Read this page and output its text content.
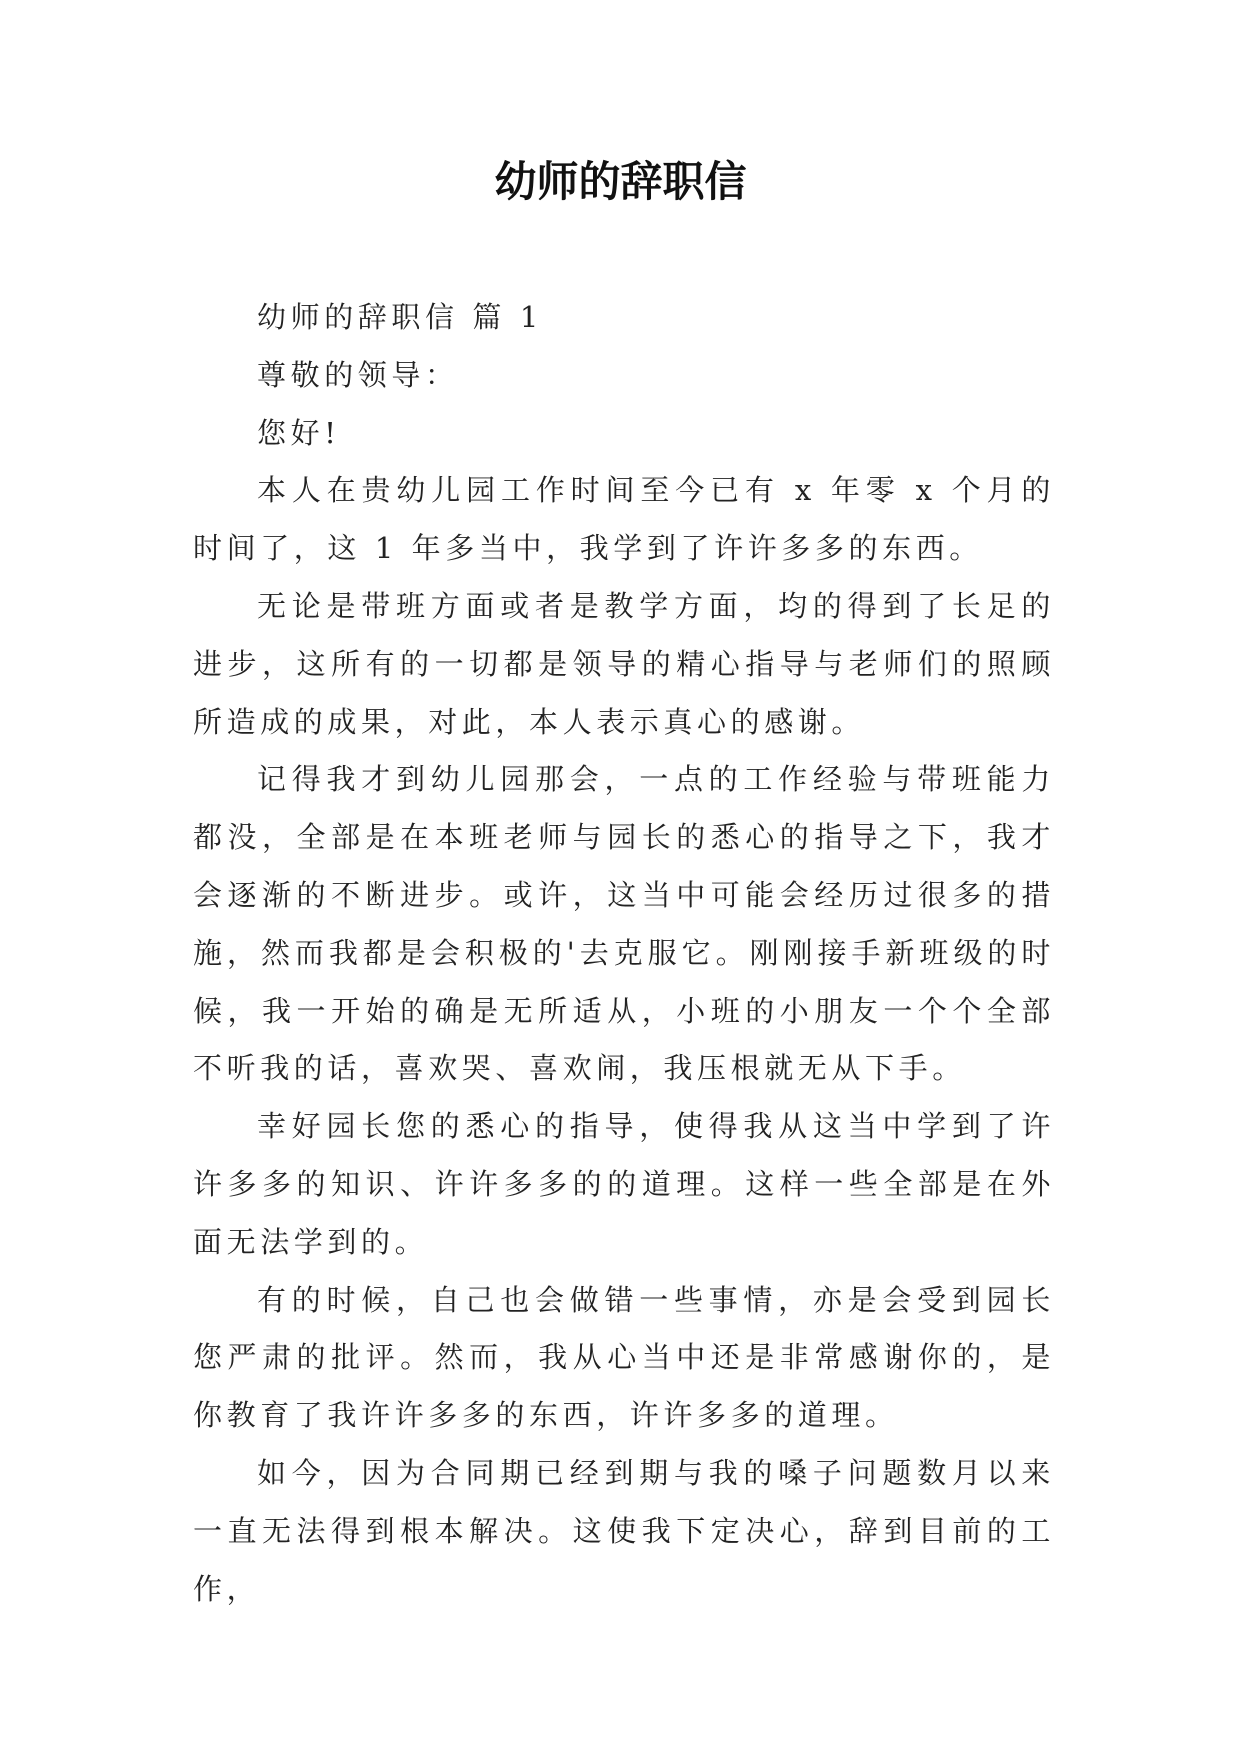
幼师的辞职信

幼师的辞职信 篇 1

尊敬的领导：

您好!

本人在贵幼儿园工作时间至今已有 x 年零 x 个月的时间了，这 1 年多当中，我学到了许许多多的东西。

无论是带班方面或者是教学方面，均的得到了长足的进步，这所有的一切都是领导的精心指导与老师们的照顾所造成的成果，对此，本人表示真心的感谢。

记得我才到幼儿园那会，一点的工作经验与带班能力都没，全部是在本班老师与园长的悉心的指导之下，我才会逐渐的不断进步。或许，这当中可能会经历过很多的措施，然而我都是会积极的'去克服它。刚刚接手新班级的时候，我一开始的确是无所适从，小班的小朋友一个个全部不听我的话，喜欢哭、喜欢闹，我压根就无从下手。

幸好园长您的悉心的指导，使得我从这当中学到了许许多多的知识、许许多多的的道理。这样一些全部是在外面无法学到的。

有的时候，自己也会做错一些事情，亦是会受到园长您严肃的批评。然而，我从心当中还是非常感谢你的，是你教育了我许许多多的东西，许许多多的道理。

如今，因为合同期已经到期与我的嗓子问题数月以来一直无法得到根本解决。这使我下定决心，辞到目前的工作，
